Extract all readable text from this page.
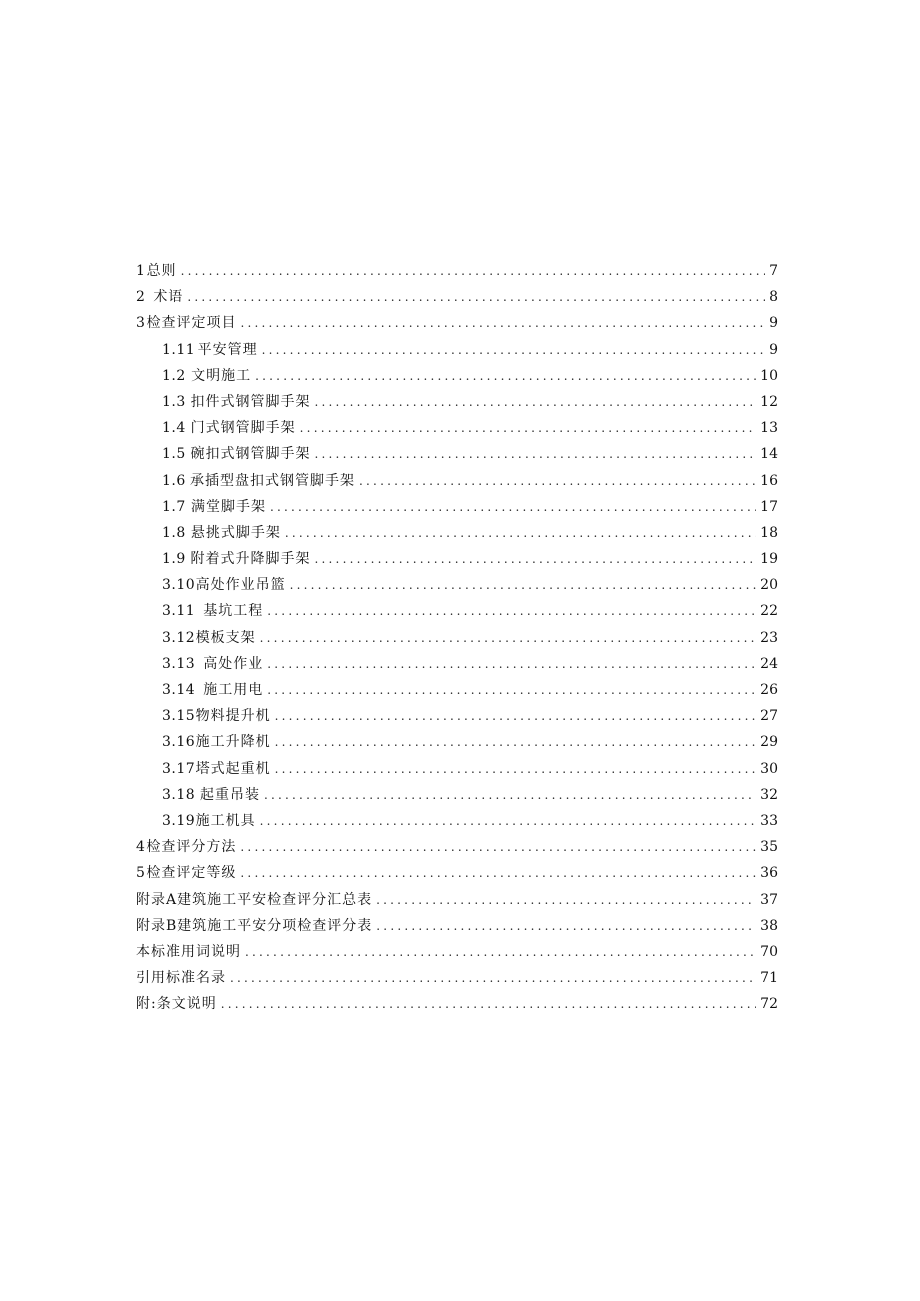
1 总则 .....	7
2 术语 .....	8
3 检查评定项目 .....	9
1.11 平安管理 .....	9
1.2 文明施工 .....	10
1.3 扣件式钢管脚手架 .....	12
1.4 门式钢管脚手架 .....	13
1.5 碗扣式钢管脚手架 .....	14
1.6 承插型盘扣式钢管脚手架 .....	16
1.7 满堂脚手架 .....	17
1.8 悬挑式脚手架 .....	18
1.9 附着式升降脚手架 .....	19
3.10 高处作业吊篮 .....	20
3.11 基坑工程 .....	22
3.12 模板支架 .....	23
3.13 高处作业 .....	24
3.14 施工用电 .....	26
3.15 物料提升机 .....	27
3.16 施工升降机 .....	29
3.17 塔式起重机 .....	30
3.18 起重吊装 .....	32
3.19 施工机具 .....	33
4 检查评分方法 .....	35
5 检查评定等级 .....	36
附录A建筑施工平安检查评分汇总表 .....	37
附录B建筑施工平安分项检查评分表 .....	38
本标准用词说明 .....	70
引用标准名录 .....	71
附:条文说明 .....	72
